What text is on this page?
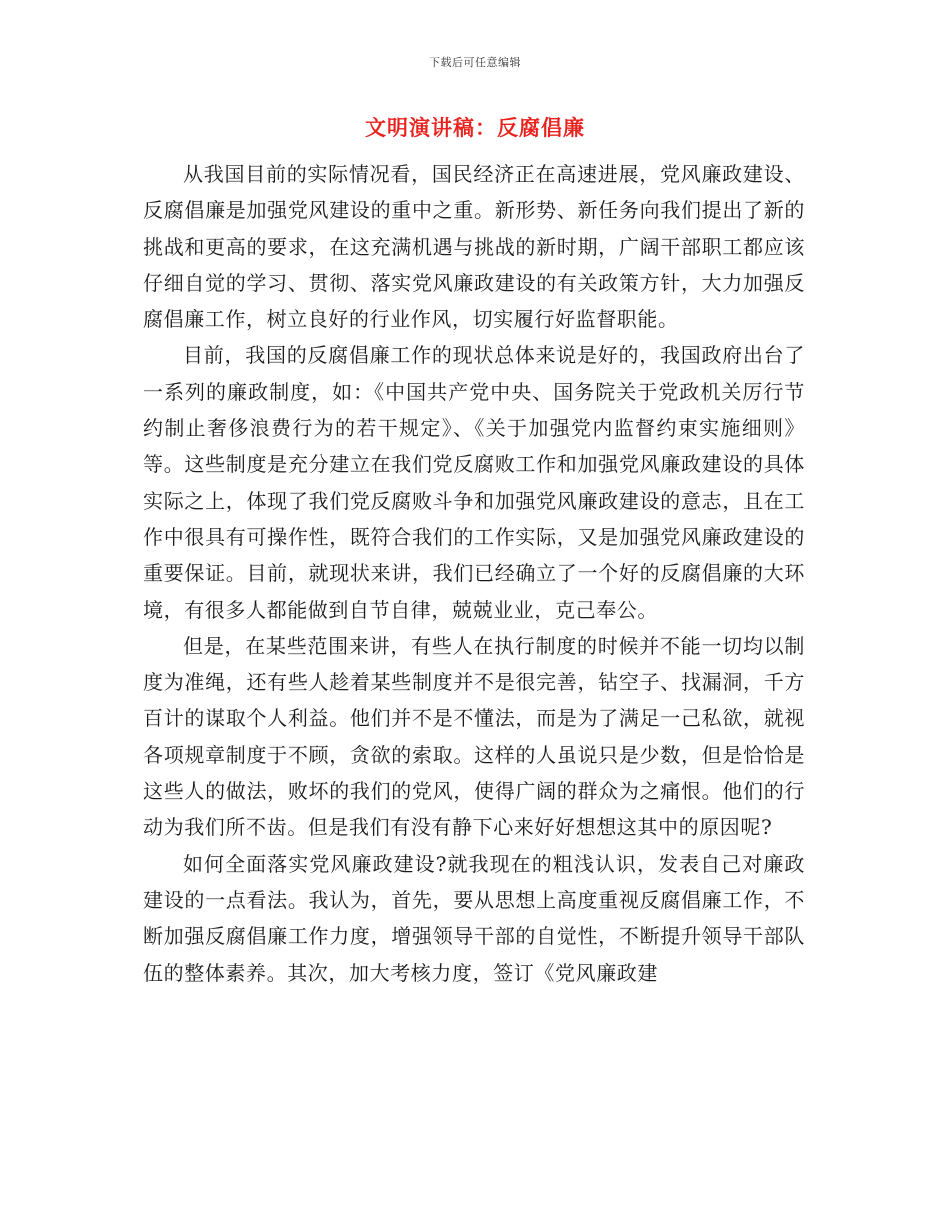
下载后可任意编辑
文明演讲稿：反腐倡廉

从我国目前的实际情况看，国民经济正在高速进展，党风廉政建设、反腐倡廉是加强党风建设的重中之重。新形势、新任务向我们提出了新的挑战和更高的要求，在这充满机遇与挑战的新时期，广阔干部职工都应该仔细自觉的学习、贯彻、落实党风廉政建设的有关政策方针，大力加强反腐倡廉工作，树立良好的行业作风，切实履行好监督职能。

目前，我国的反腐倡廉工作的现状总体来说是好的，我国政府出台了一系列的廉政制度，如：《中国共产党中央、国务院关于党政机关厉行节约制止奢侈浪费行为的若干规定》、《关于加强党内监督约束实施细则》等。这些制度是充分建立在我们党反腐败工作和加强党风廉政建设的具体实际之上，体现了我们党反腐败斗争和加强党风廉政建设的意志，且在工作中很具有可操作性，既符合我们的工作实际，又是加强党风廉政建设的重要保证。目前，就现状来讲，我们已经确立了一个好的反腐倡廉的大环境，有很多人都能做到自节自律，兢兢业业，克己奉公。

但是，在某些范围来讲，有些人在执行制度的时候并不能一切均以制度为准绳，还有些人趁着某些制度并不是很完善，钻空子、找漏洞，千方百计的谋取个人利益。他们并不是不懂法，而是为了满足一己私欲，就视各项规章制度于不顾，贪欲的索取。这样的人虽说只是少数，但是恰恰是这些人的做法，败坏的我们的党风，使得广阔的群众为之痛恨。他们的行动为我们所不齿。但是我们有没有静下心来好好想想这其中的原因呢?

如何全面落实党风廉政建设?就我现在的粗浅认识，发表自己对廉政建设的一点看法。我认为，首先，要从思想上高度重视反腐倡廉工作，不断加强反腐倡廉工作力度，增强领导干部的自觉性，不断提升领导干部队伍的整体素养。其次，加大考核力度，签订《党风廉政建
